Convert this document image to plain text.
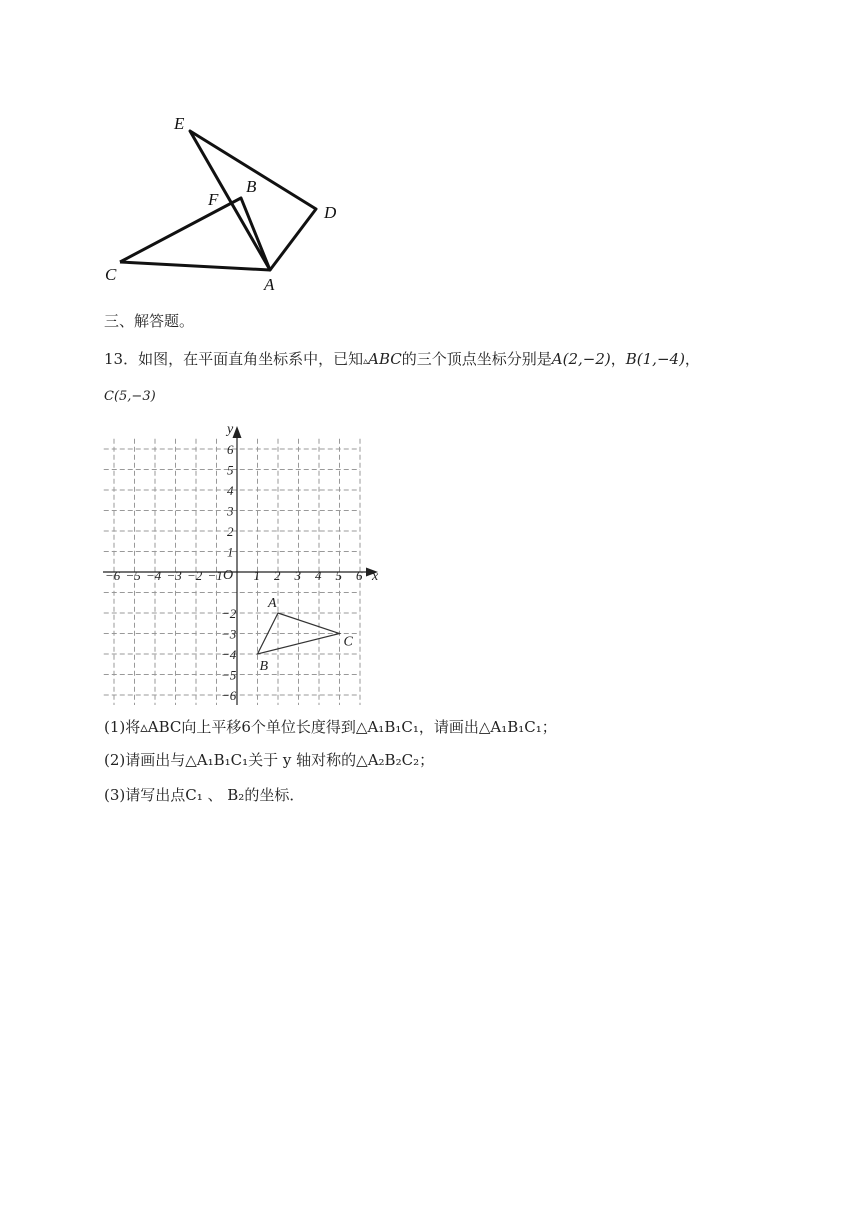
E
B
F
D
C
A
三、解答题。
13．如图，在平面直角坐标系中，已知▵ABC的三个顶点坐标分别是A(2,−2)，B(1,−4)，
C(5,−3)
x
y
O
−6 −5 −4 −3 −2 −1 1 2 3 4 5 6
6
5
4
3
2
1
−2
−3
−4
−5
−6
A
B
C
(1)将▵ABC向上平移6个单位长度得到△A₁B₁C₁，请画出△A₁B₁C₁；
(2)请画出与△A₁B₁C₁关于 y 轴对称的△A₂B₂C₂；
(3)请写出点C₁ 、 B₂的坐标．
